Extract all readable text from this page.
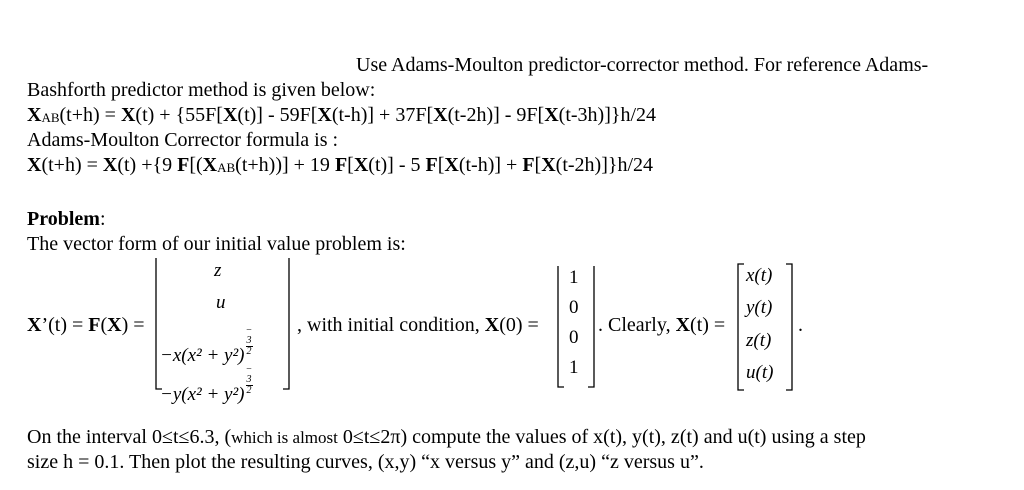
Use Adams-Moulton predictor-corrector method. For reference Adams-
Bashforth predictor method is given below:
XAB(t+h) = X(t) + {55F[X(t)] - 59F[X(t-h)] + 37F[X(t-2h)] - 9F[X(t-3h)]}h/24
Adams-Moulton Corrector formula is :
X(t+h) = X(t) +{9 F[(XAB(t+h))] + 19 F[X(t)] - 5 F[X(t-h)] + F[X(t-2h)]}h/24
Problem:
The vector form of our initial value problem is:
X’(t) = F(X) =
z
u
−x(x² + y²)−
3
2
−y(x² + y²)−
3
2
, with initial condition, X(0) =
1
0
0
1
. Clearly, X(t) =
x(t)
y(t)
z(t)
u(t)
.
On the interval 0≤t≤6.3, (which is almost 0≤t≤2π) compute the values of x(t), y(t), z(t) and u(t) using a step
size h = 0.1. Then plot the resulting curves, (x,y) “x versus y” and (z,u) “z versus u”.
